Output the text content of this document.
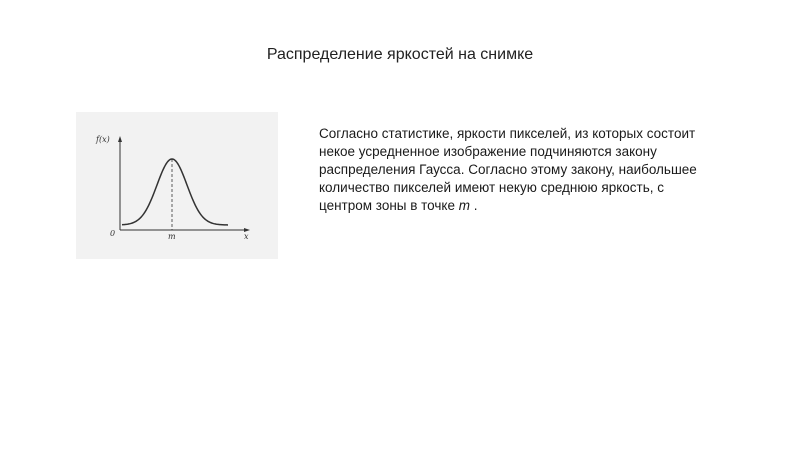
Распределение яркостей на снимке
f(x)
0	m	x
Согласно статистике, яркости пикселей, из которых состоит некое усредненное изображение подчиняются закону распределения Гаусса. Согласно этому закону, наибольшее количество пикселей имеют некую среднюю яркость, с центром зоны в точке m .
